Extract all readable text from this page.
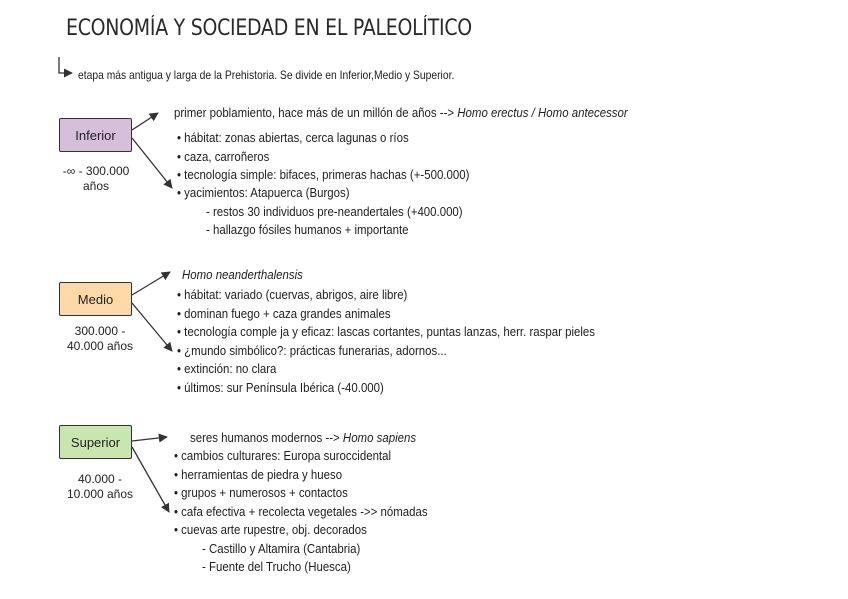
ECONOMÍA Y SOCIEDAD EN EL PALEOLÍTICO
etapa más antigua y larga de la Prehistoria. Se divide en Inferior,Medio y Superior.
Inferior
-∞ - 300.000
años
primer poblamiento, hace más de un millón de años --> Homo erectus / Homo antecessor
• hábitat: zonas abiertas, cerca lagunas o ríos
• caza, carroñeros
• tecnología simple: bifaces, primeras hachas (+-500.000)
• yacimientos: Atapuerca (Burgos)
- restos 30 individuos pre-neandertales (+400.000)
- hallazgo fósiles humanos + importante
Medio
300.000 -
40.000 años
Homo neanderthalensis
• hábitat: variado (cuervas, abrigos, aire libre)
• dominan fuego + caza grandes animales
• tecnología comple ja y eficaz: lascas cortantes, puntas lanzas, herr. raspar pieles
• ¿mundo simbólico?: prácticas funerarias, adornos...
• extinción: no clara
• últimos: sur Península Ibérica (-40.000)
Superior
40.000 -
10.000 años
seres humanos modernos --> Homo sapiens
• cambios culturares: Europa suroccidental
• herramientas de piedra y hueso
• grupos + numerosos + contactos
• cafa efectiva + recolecta vegetales ->> nómadas
• cuevas arte rupestre, obj. decorados
- Castillo y Altamira (Cantabria)
- Fuente del Trucho (Huesca)
